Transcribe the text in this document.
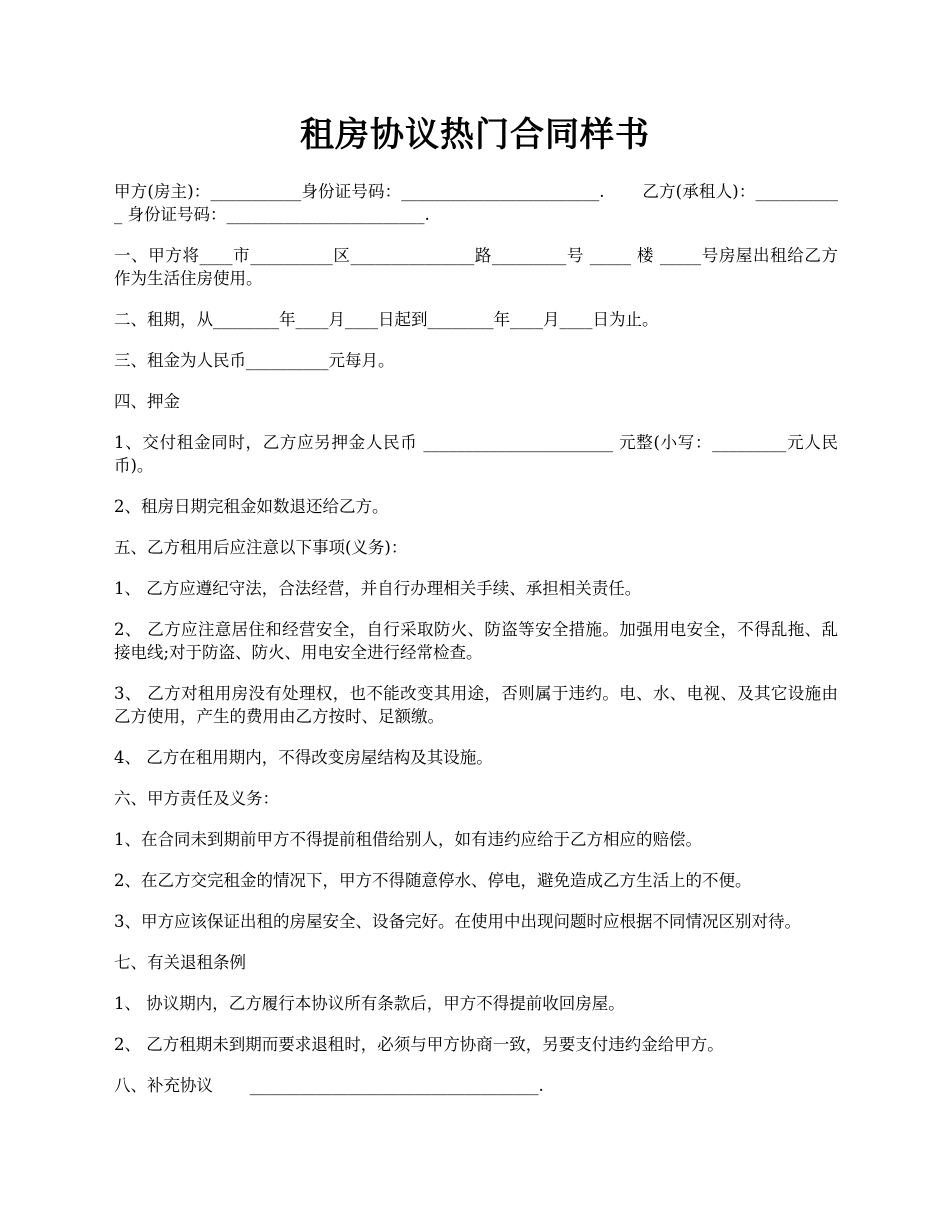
租房协议热门合同样书

甲方(房主)：___________身份证号码：________________________.       乙方(承租人)：___________ 身份证号码：________________________.

一、甲方将____市__________区_______________路_________号 _____ 楼 _____号房屋出租给乙方作为生活住房使用。

二、租期，从________年____月____日起到________年____月____日为止。

三、租金为人民币__________元每月。

四、押金

1、交付租金同时，乙方应另押金人民币 _______________________ 元整(小写：_________元人民币)。

2、租房日期完租金如数退还给乙方。

五、乙方租用后应注意以下事项(义务)：

1、 乙方应遵纪守法，合法经营，并自行办理相关手续、承担相关责任。

2、 乙方应注意居住和经营安全，自行采取防火、防盗等安全措施。加强用电安全，不得乱拖、乱接电线;对于防盗、防火、用电安全进行经常检查。

3、 乙方对租用房没有处理权，也不能改变其用途，否则属于违约。电、水、电视、及其它设施由乙方使用，产生的费用由乙方按时、足额缴。

4、 乙方在租用期内，不得改变房屋结构及其设施。

六、甲方责任及义务：

1、在合同未到期前甲方不得提前租借给别人，如有违约应给于乙方相应的赔偿。

2、在乙方交完租金的情况下，甲方不得随意停水、停电，避免造成乙方生活上的不便。

3、甲方应该保证出租的房屋安全、设备完好。在使用中出现问题时应根据不同情况区别对待。

七、有关退租条例

1、 协议期内，乙方履行本协议所有条款后，甲方不得提前收回房屋。

2、 乙方租期未到期而要求退租时，必须与甲方协商一致，另要支付违约金给甲方。

八、补充协议       ___________________________________.
